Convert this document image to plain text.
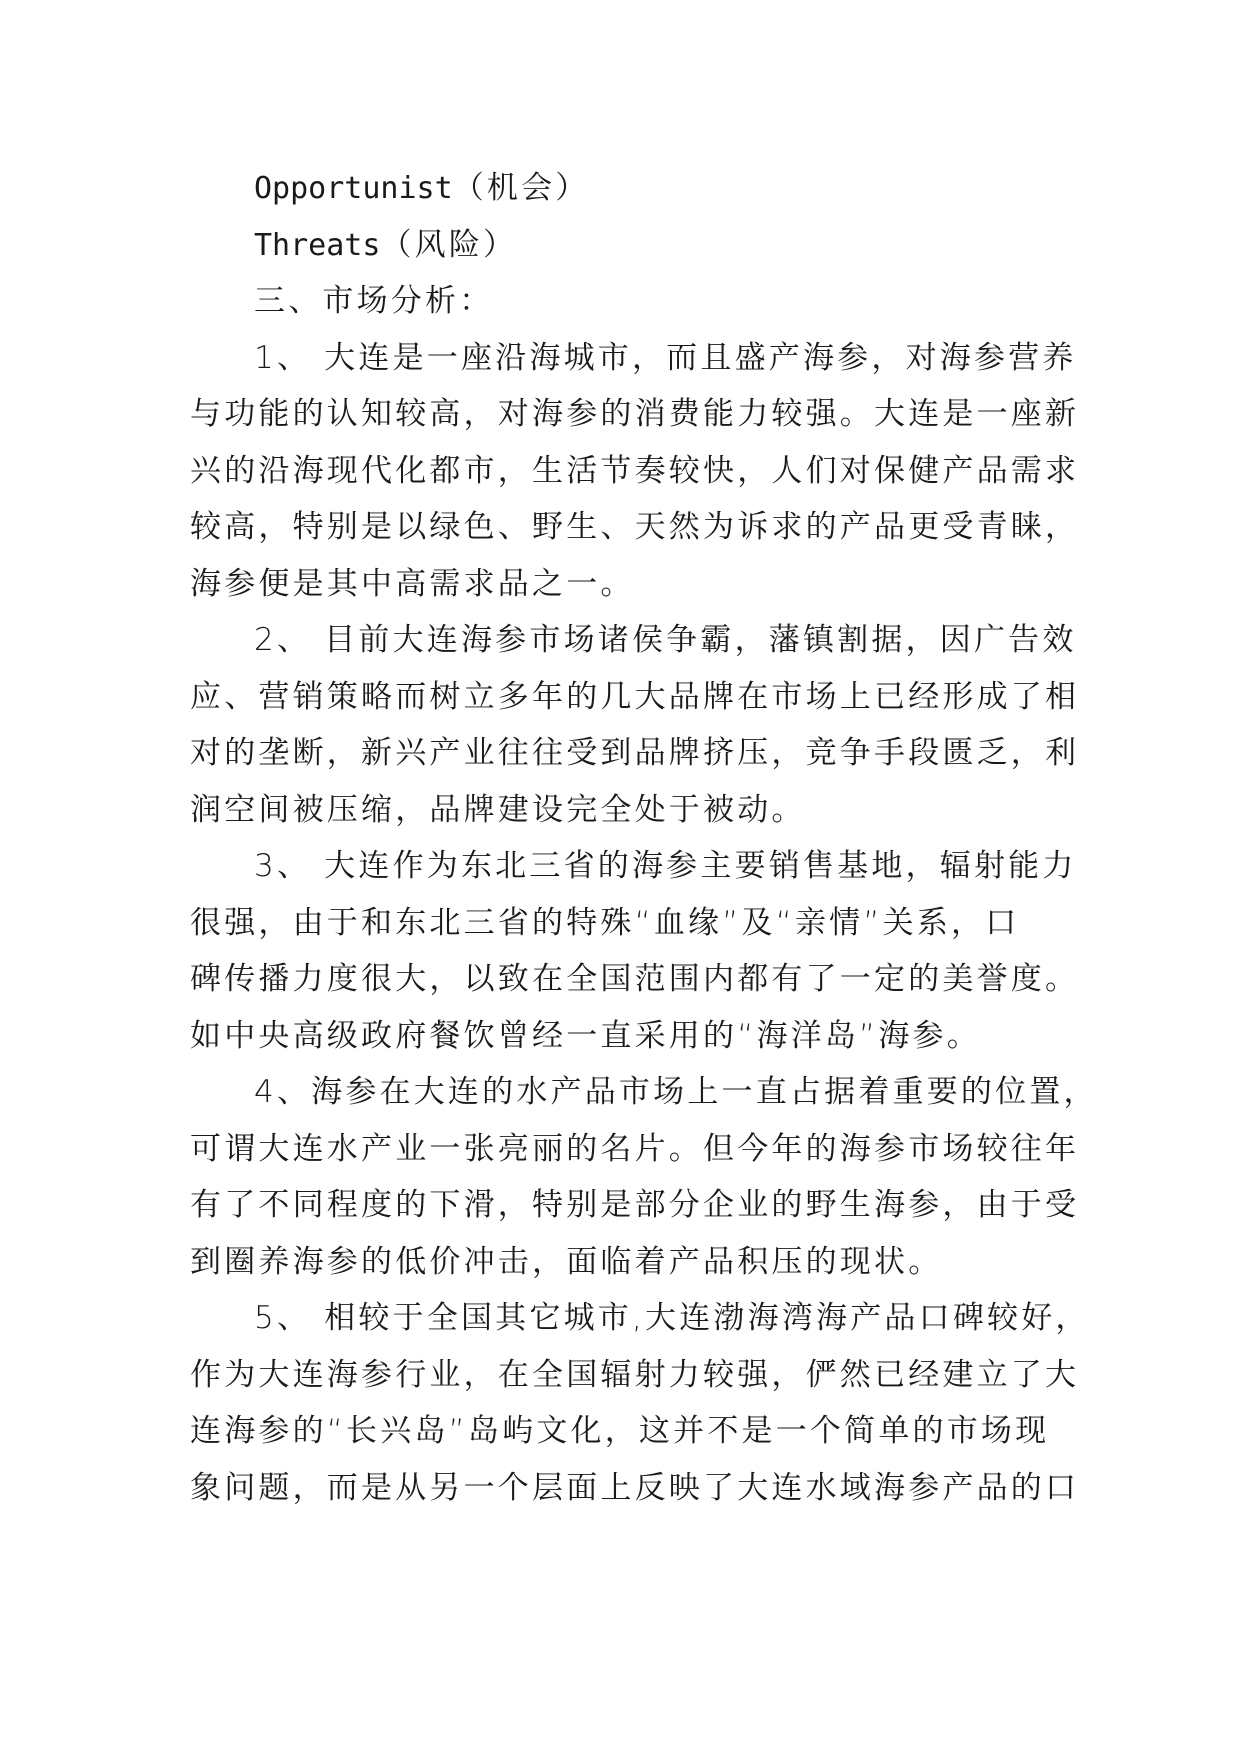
Opportunist（机会）
Threats（风险）
三、市场分析：
1、 大连是一座沿海城市，而且盛产海参，对海参营养
与功能的认知较高，对海参的消费能力较强。大连是一座新
兴的沿海现代化都市，生活节奏较快，人们对保健产品需求
较高，特别是以绿色、野生、天然为诉求的产品更受青睐，
海参便是其中高需求品之一。
2、 目前大连海参市场诸侯争霸，藩镇割据，因广告效
应、营销策略而树立多年的几大品牌在市场上已经形成了相
对的垄断，新兴产业往往受到品牌挤压，竞争手段匮乏，利
润空间被压缩，品牌建设完全处于被动。
3、 大连作为东北三省的海参主要销售基地，辐射能力
很强，由于和东北三省的特殊“血缘”及“亲情”关系，口
碑传播力度很大，以致在全国范围内都有了一定的美誉度。
如中央高级政府餐饮曾经一直采用的“海洋岛”海参。
4、海参在大连的水产品市场上一直占据着重要的位置，
可谓大连水产业一张亮丽的名片。但今年的海参市场较往年
有了不同程度的下滑，特别是部分企业的野生海参，由于受
到圈养海参的低价冲击，面临着产品积压的现状。
5、 相较于全国其它城市,大连渤海湾海产品口碑较好，
作为大连海参行业，在全国辐射力较强，俨然已经建立了大
连海参的“长兴岛”岛屿文化，这并不是一个简单的市场现
象问题，而是从另一个层面上反映了大连水域海参产品的口
